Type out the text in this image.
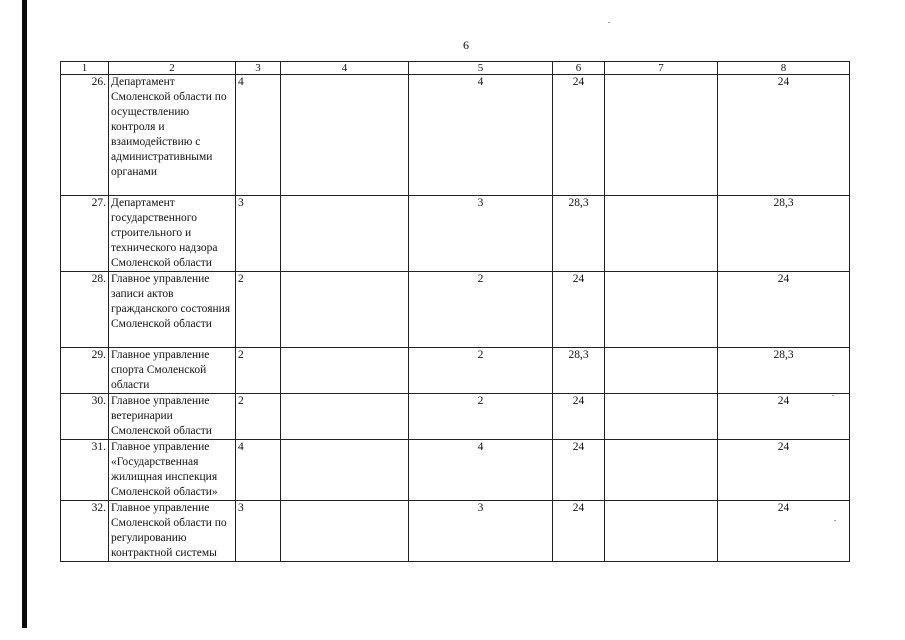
6
1	2	3	4	5	6	7	8
26.	Департамент Смоленской области по осуществлению контроля и взаимодействию с административными органами	4		4	24		24
27.	Департамент государственного строительного и технического надзора Смоленской области	3		3	28,3		28,3
28.	Главное управление записи актов гражданского состояния Смоленской области	2		2	24		24
29.	Главное управление спорта Смоленской области	2		2	28,3		28,3
30.	Главное управление ветеринарии Смоленской области	2		2	24		24
31.	Главное управление «Государственная жилищная инспекция Смоленской области»	4		4	24		24
32.	Главное управление Смоленской области по регулированию контрактной системы	3		3	24		24
